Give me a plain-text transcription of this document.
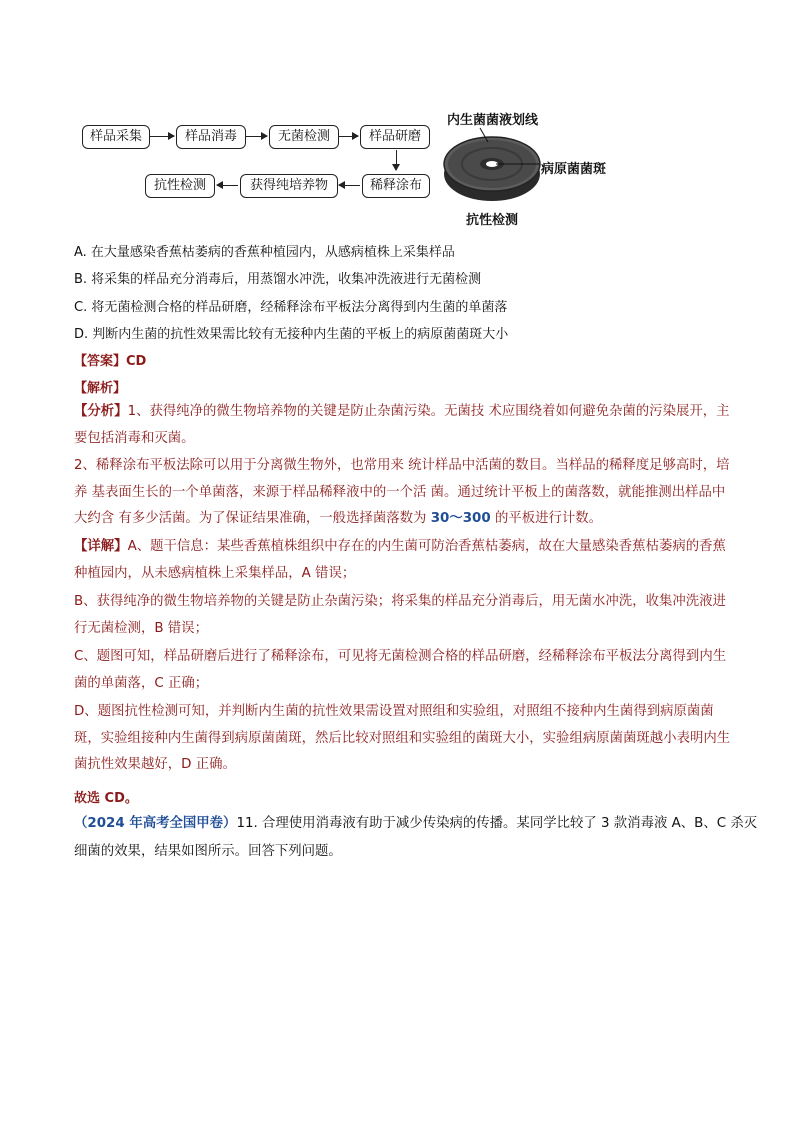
样品采集	样品消毒	无菌检测	样品研磨
稀释涂布
获得纯培养物
抗性检测
内生菌菌液划线
病原菌菌斑
抗性检测
A. 在大量感染香蕉枯萎病的香蕉种植园内，从感病植株上采集样品
B. 将采集的样品充分消毒后，用蒸馏水冲洗，收集冲洗液进行无菌检测
C. 将无菌检测合格的样品研磨，经稀释涂布平板法分离得到内生菌的单菌落
D. 判断内生菌的抗性效果需比较有无接种内生菌的平板上的病原菌菌斑大小
【答案】CD
【解析】
【分析】1、获得纯净的微生物培养物的关键是防止杂菌污染。无菌技 术应围绕着如何避免杂菌的污染展开，主要包括消毒和灭菌。
2、稀释涂布平板法除可以用于分离微生物外，也常用来 统计样品中活菌的数目。当样品的稀释度足够高时，培养 基表面生长的一个单菌落，来源于样品稀释液中的一个活 菌。通过统计平板上的菌落数，就能推测出样品中大约含 有多少活菌。为了保证结果准确，一般选择菌落数为 30～300 的平板进行计数。
【详解】A、题干信息：某些香蕉植株组织中存在的内生菌可防治香蕉枯萎病，故在大量感染香蕉枯萎病的香蕉种植园内，从未感病植株上采集样品，A 错误；
B、获得纯净的微生物培养物的关键是防止杂菌污染；将采集的样品充分消毒后，用无菌水冲洗，收集冲洗液进行无菌检测，B 错误；
C、题图可知，样品研磨后进行了稀释涂布，可见将无菌检测合格的样品研磨，经稀释涂布平板法分离得到内生菌的单菌落，C 正确；
D、题图抗性检测可知，并判断内生菌的抗性效果需设置对照组和实验组，对照组不接种内生菌得到病原菌菌斑，实验组接种内生菌得到病原菌菌斑，然后比较对照组和实验组的菌斑大小，实验组病原菌菌斑越小表明内生菌抗性效果越好，D 正确。
故选 CD。
（2024 年高考全国甲卷）11. 合理使用消毒液有助于减少传染病的传播。某同学比较了 3 款消毒液 A、B、C 杀灭细菌的效果，结果如图所示。回答下列问题。
